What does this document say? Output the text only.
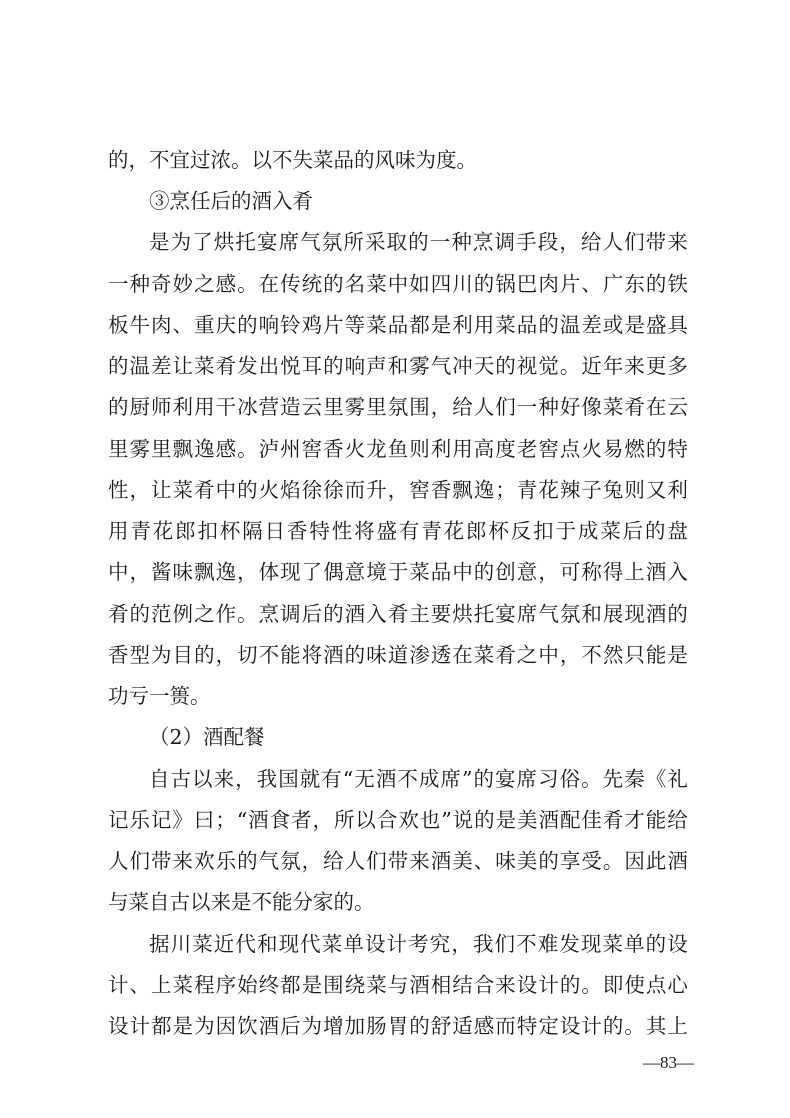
的，不宜过浓。以不失菜品的风味为度。

③烹任后的酒入肴

是 为 了 烘 托 宴 席 气 氛 所 采 取 的 一 种 烹 调 手 段 ， 给 人 们 带 来

一 种 奇 妙 之 感 。 在 传 统 的 名 菜 中 如 四 川 的 锅 巴 肉 片 、 广 东 的 铁

板 牛 肉 、 重 庆 的 响 铃 鸡 片 等 菜 品 都 是 利 用 菜 品 的 温 差 或 是 盛 具

的 温 差 让 菜 肴 发 出 悦 耳 的 响 声 和 雾 气 冲 天 的 视 觉 。 近 年 来 更 多

的 厨 师 利 用 干 冰 营 造 云 里 雾 里 氛 围 ， 给 人 们 一 种 好 像 菜 肴 在 云

里 雾 里 飘 逸 感 。 泸 州 窖 香 火 龙 鱼 则 利 用 高 度 老 窖 点 火 易 燃 的 特

性 ， 让 菜 肴 中 的 火 焰 徐 徐 而 升 ， 窖 香 飘 逸 ； 青 花 辣 子 兔 则 又 利

用 青 花 郎 扣 杯 隔 日 香 特 性 将 盛 有 青 花 郎 杯 反 扣 于 成 菜 后 的 盘

中 ， 酱 味 飘 逸 ， 体 现 了 偶 意 境 于 菜 品 中 的 创 意 ， 可 称 得 上 酒 入

肴 的 范 例 之 作 。 烹 调 后 的 酒 入 肴 主 要 烘 托 宴 席 气 氛 和 展 现 酒 的

香 型 为 目 的 ， 切 不 能 将 酒 的 味 道 渗 透 在 菜 肴 之 中 ， 不 然 只 能 是

功亏一篑。

（2）酒配餐

自 古 以 来 ， 我 国 就 有 “ 无 酒 不 成 席 ” 的 宴 席 习 俗 。 先 秦 《 礼

记 乐 记 》 曰 ； “ 酒 食 者 ， 所 以 合 欢 也 ” 说 的 是 美 酒 配 佳 肴 才 能 给

人 们 带 来 欢 乐 的 气 氛 ， 给 人 们 带 来 酒 美 、 味 美 的 享 受 。 因 此 酒

与菜自古以来是不能分家的。

据 川 菜 近 代 和 现 代 菜 单 设 计 考 究 ， 我 们 不 难 发 现 菜 单 的 设

计 、 上 菜 程 序 始 终 都 是 围 绕 菜 与 酒 相 结 合 来 设 计 的 。 即 使 点 心

设 计 都 是 为 因 饮 酒 后 为 增 加 肠 胃 的 舒 适 感 而 特 定 设 计 的 。 其 上

—83—
